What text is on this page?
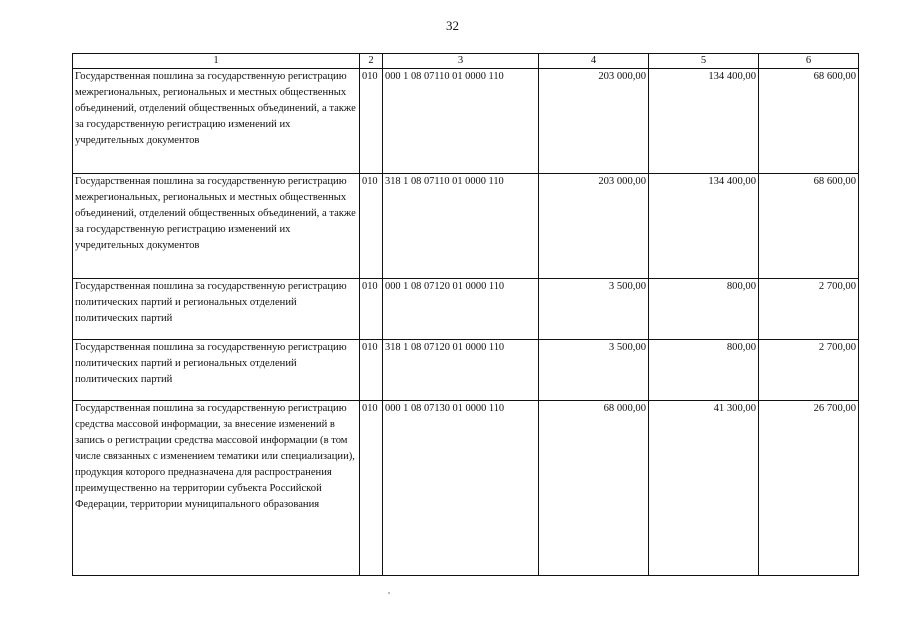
32
1	2	3	4	5	6
Государственная пошлина за государственную регистрацию межрегиональных, региональных и местных общественных объединений, отделений общественных объединений, а также за государственную регистрацию изменений их учредительных документов	010	000 1 08 07110 01 0000 110	203 000,00	134 400,00	68 600,00
Государственная пошлина за государственную регистрацию межрегиональных, региональных и местных общественных объединений, отделений общественных объединений, а также за государственную регистрацию изменений их учредительных документов	010	318 1 08 07110 01 0000 110	203 000,00	134 400,00	68 600,00
Государственная пошлина за государственную регистрацию политических партий и региональных отделений политических партий	010	000 1 08 07120 01 0000 110	3 500,00	800,00	2 700,00
Государственная пошлина за государственную регистрацию политических партий и региональных отделений политических партий	010	318 1 08 07120 01 0000 110	3 500,00	800,00	2 700,00
Государственная пошлина за государственную регистрацию средства массовой информации, за внесение изменений в запись о регистрации средства массовой информации (в том числе связанных с изменением тематики или специализации), продукция которого предназначена для распространения преимущественно на территории субъекта Российской Федерации, территории муниципального образования	010	000 1 08 07130 01 0000 110	68 000,00	41 300,00	26 700,00
